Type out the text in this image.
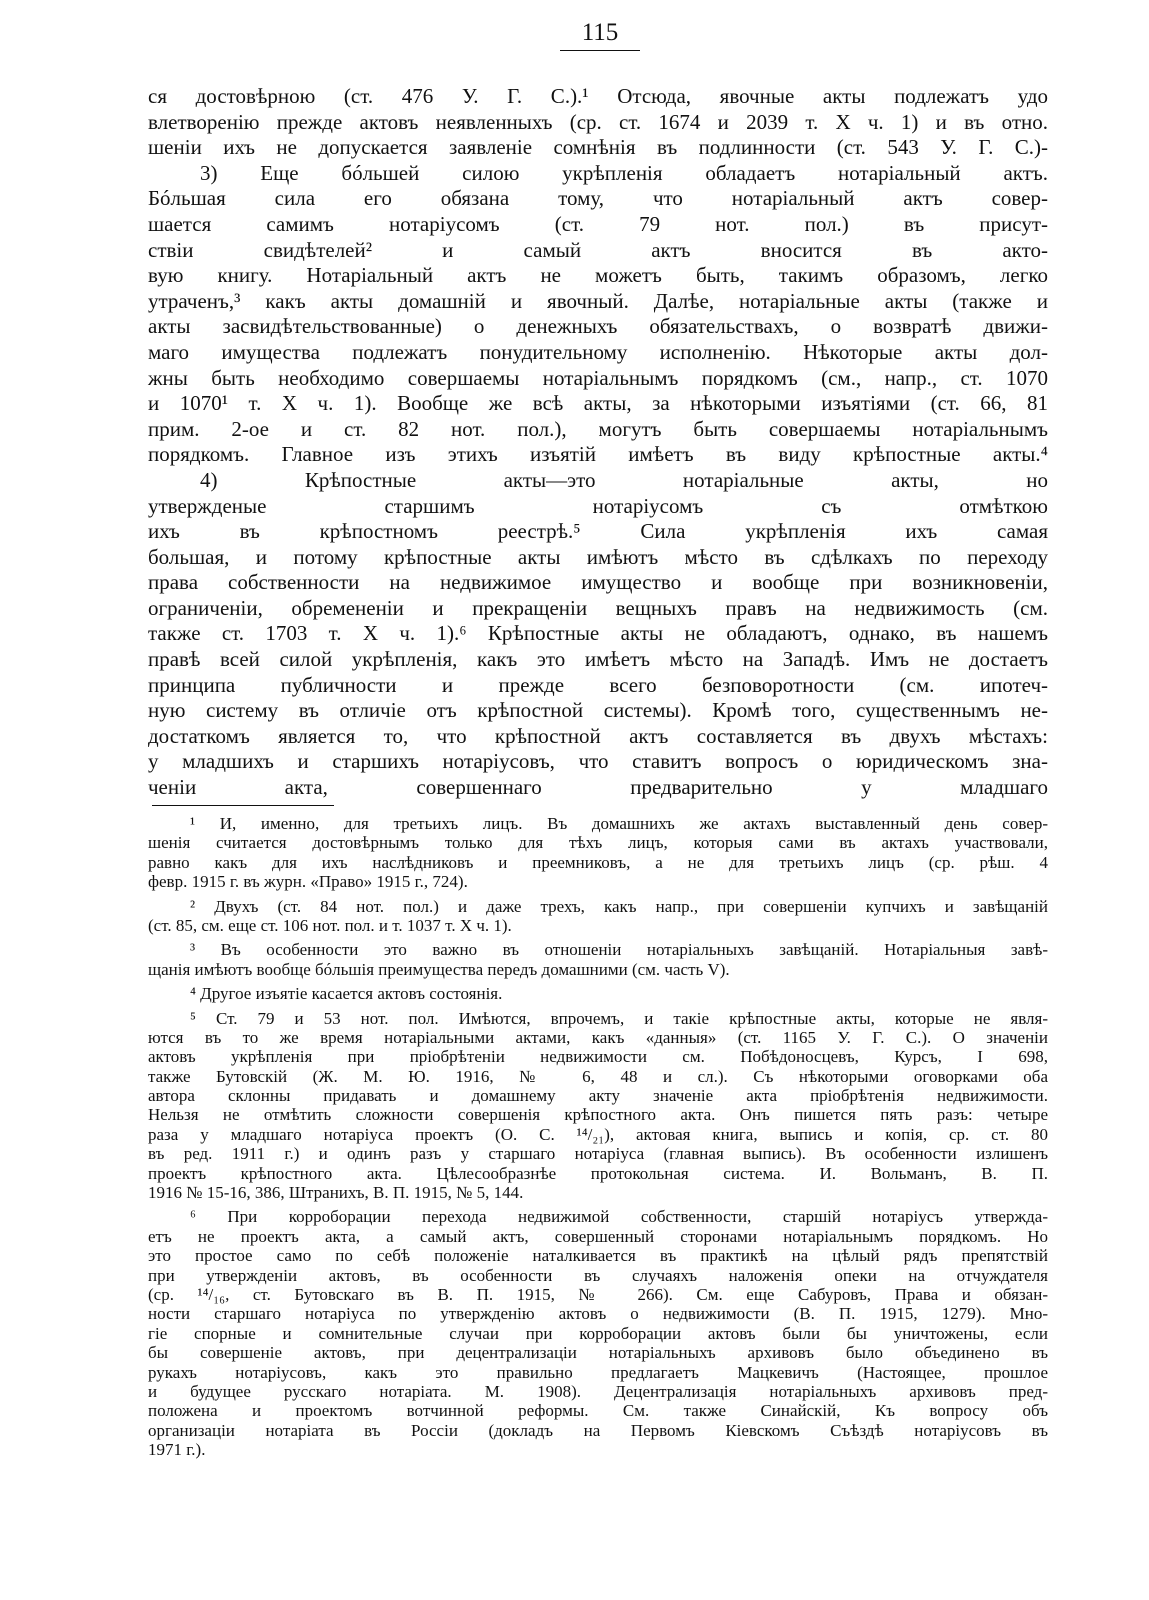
115
ся достовѣрною (ст. 476 У. Г. С.).¹ Отсюда, явочные акты подлежатъ удо
влетворенію прежде актовъ неявленныхъ (ср. ст. 1674 и 2039 т. X ч. 1) и въ отно.
шеніи ихъ не допускается заявленіе сомнѣнія въ подлинности (ст. 543 У. Г. С.)-
3) Еще бóльшей силою укрѣпленія обладаетъ нотаріальный актъ.
Бóльшая сила его обязана тому, что нотаріальный актъ совер-
шается самимъ нотаріусомъ (ст. 79 нот. пол.) въ присут-
ствіи свидѣтелей² и самый актъ вносится въ акто-
вую книгу. Нотаріальный актъ не можетъ быть, такимъ образомъ, легко
утраченъ,³ какъ акты домашній и явочный. Далѣе, нотаріальные акты (также и
акты засвидѣтельствованные) о денежныхъ обязательствахъ, о возвратѣ движи-
маго имущества подлежатъ понудительному исполненію. Нѣкоторые акты дол-
жны быть необходимо совершаемы нотаріальнымъ порядкомъ (см., напр., ст. 1070
и 1070¹ т. X ч. 1). Вообще же всѣ акты, за нѣкоторыми изъятіями (ст. 66, 81
прим. 2-ое и ст. 82 нот. пол.), могутъ быть совершаемы нотаріальнымъ
порядкомъ. Главное изъ этихъ изъятій имѣетъ въ виду крѣпостные акты.⁴
4) Крѣпостные акты—это нотаріальные акты, но
утвержденые старшимъ нотаріусомъ съ отмѣткою
ихъ въ крѣпостномъ реестрѣ.⁵ Сила укрѣпленія ихъ самая
большая, и потому крѣпостные акты имѣютъ мѣсто въ сдѣлкахъ по переходу
права собственности на недвижимое имущество и вообще при возникновеніи,
ограниченіи, обремененіи и прекращеніи вещныхъ правъ на недвижимость (см.
также ст. 1703 т. X ч. 1).⁶ Крѣпостные акты не обладаютъ, однако, въ нашемъ
правѣ всей силой укрѣпленія, какъ это имѣетъ мѣсто на Западѣ. Имъ не достаетъ
принципа публичности и прежде всего безповоротности (см. ипотеч-
ную систему въ отличіе отъ крѣпостной системы). Кромѣ того, существеннымъ не-
достаткомъ является то, что крѣпостной актъ составляется въ двухъ мѣстахъ:
у младшихъ и старшихъ нотаріусовъ, что ставитъ вопросъ о юридическомъ зна-
ченіи акта, совершеннаго предварительно у младшаго
¹ И, именно, для третьихъ лицъ. Въ домашнихъ же актахъ выставленный день совер-
шенія считается достовѣрнымъ только для тѣхъ лицъ, которыя сами въ актахъ участвовали,
равно какъ для ихъ наслѣдниковъ и преемниковъ, а не для третьихъ лицъ (ср. рѣш. 4
февр. 1915 г. въ журн. «Право» 1915 г., 724).
² Двухъ (ст. 84 нот. пол.) и даже трехъ, какъ напр., при совершеніи купчихъ и завѣщаній
(ст. 85, см. еще ст. 106 нот. пол. и т. 1037 т. X ч. 1).
³ Въ особенности это важно въ отношеніи нотаріальныхъ завѣщаній. Нотаріальныя завѣ-
щанія имѣютъ вообще бóльшія преимущества передъ домашними (см. часть V).
⁴ Другое изъятіе касается актовъ состоянія.
⁵ Ст. 79 и 53 нот. пол. Имѣются, впрочемъ, и такіе крѣпостные акты, которые не явля-
ются въ то же время нотаріальными актами, какъ «данныя» (ст. 1165 У. Г. С.). О значеніи
актовъ укрѣпленія при пріобрѣтеніи недвижимости см. Побѣдоносцевъ, Курсъ, I 698,
также Бутовскій (Ж. М. Ю. 1916, № 6, 48 и сл.). Съ нѣкоторыми оговорками оба
автора склонны придавать и домашнему акту значеніе акта пріобрѣтенія недвижимости.
Нельзя не отмѣтить сложности совершенія крѣпостного акта. Онъ пишется пять разъ: четыре
раза у младшаго нотаріуса проектъ (О. С. ¹⁴/₂₁), актовая книга, выпись и копія, ср. ст. 80
въ ред. 1911 г.) и одинъ разъ у старшаго нотаріуса (главная выпись). Въ особенности излишенъ
проектъ крѣпостного акта. Цѣлесообразнѣе протокольная система. И. Вольманъ, В. П.
1916 № 15-16, 386, Штранихъ, В. П. 1915, № 5, 144.
⁶ При корроборации перехода недвижимой собственности, старшій нотаріусъ утвержда-
етъ не проектъ акта, а самый актъ, совершенный сторонами нотаріальнымъ порядкомъ. Но
это простое само по себѣ положеніе наталкивается въ практикѣ на цѣлый рядъ препятствій
при утвержденіи актовъ, въ особенности въ случаяхъ наложенія опеки на отчуждателя
(ср. ¹⁴/₁₆, ст. Бутовскаго въ В. П. 1915, № 266). См. еще Сабуровъ, Права и обязан-
ности старшаго нотаріуса по утвержденію актовъ о недвижимости (В. П. 1915, 1279). Мно-
гіе спорные и сомнительные случаи при корроборации актовъ были бы уничтожены, если
бы совершеніе актовъ, при децентрализаціи нотаріальныхъ архивовъ было объединено въ
рукахъ нотаріусовъ, какъ это правильно предлагаетъ Мацкевичъ (Настоящее, прошлое
и будущее русскаго нотаріата. М. 1908). Децентрализація нотаріальныхъ архивовъ пред-
положена и проектомъ вотчинной реформы. См. также Синайскій, Къ вопросу объ
организаціи нотаріата въ Россіи (докладъ на Первомъ Кіевскомъ Съѣздѣ нотаріусовъ въ
1971 г.).
